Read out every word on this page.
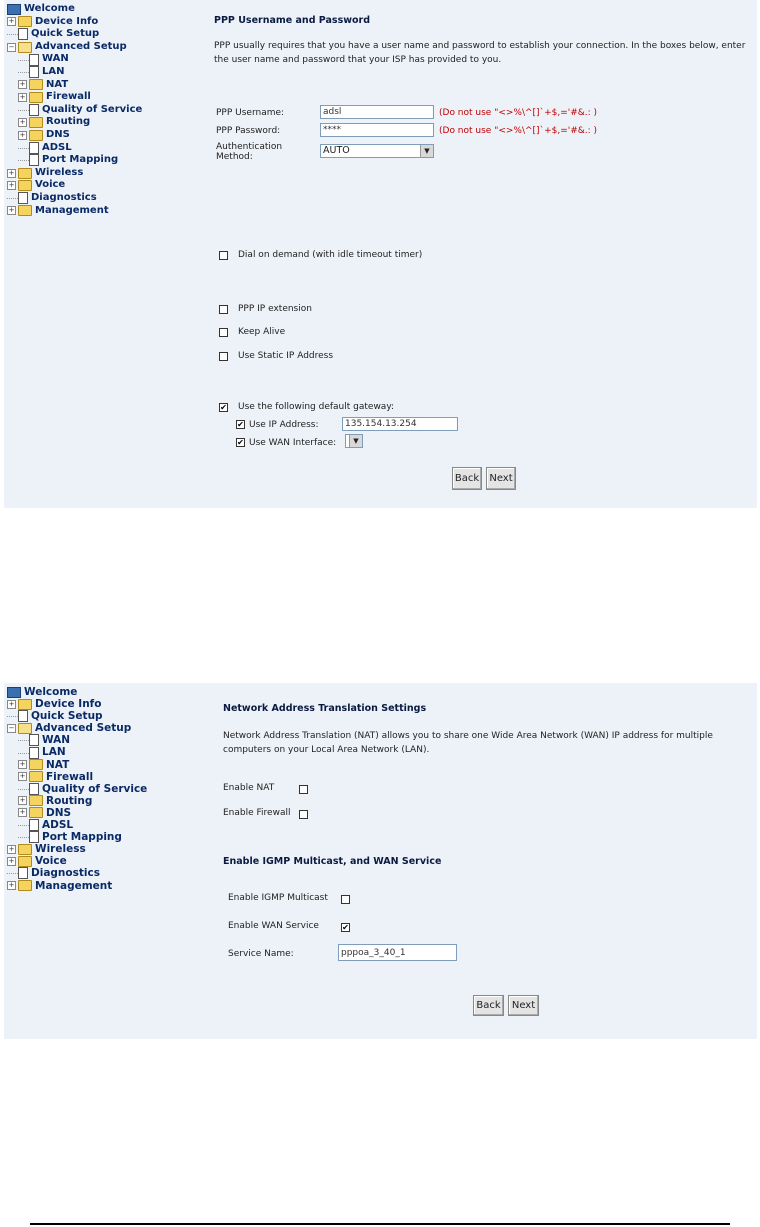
Welcome
+ Device Info
Quick Setup
− Advanced Setup
WAN
LAN
+ NAT
+ Firewall
Quality of Service
+ Routing
+ DNS
ADSL
Port Mapping
+ Wireless
+ Voice
Diagnostics
+ Management
PPP Username and Password
PPP usually requires that you have a user name and password to establish your connection. In the boxes below, enter the user name and password that your ISP has provided to you.
PPP Username:
adsl	(Do not use "<>%\^[]`+$,='#&.: )
PPP Password:
****	(Do not use "<>%\^[]`+$,='#&.: )
Authentication Method:
AUTO	▼
Dial on demand (with idle timeout timer)
PPP IP extension
Keep Alive
Use Static IP Address
✔ Use the following default gateway:
✔ Use IP Address:
135.154.13.254
✔ Use WAN Interface:	▼
Back	Next
Welcome
+ Device Info
Quick Setup
− Advanced Setup
WAN
LAN
+ NAT
+ Firewall
Quality of Service
+ Routing
+ DNS
ADSL
Port Mapping
+ Wireless
+ Voice
Diagnostics
+ Management
Network Address Translation Settings
Network Address Translation (NAT) allows you to share one Wide Area Network (WAN) IP address for multiple computers on your Local Area Network (LAN).
Enable NAT
Enable Firewall
Enable IGMP Multicast, and WAN Service
Enable IGMP Multicast
Enable WAN Service	✔
Service Name:
pppoa_3_40_1
Back	Next
